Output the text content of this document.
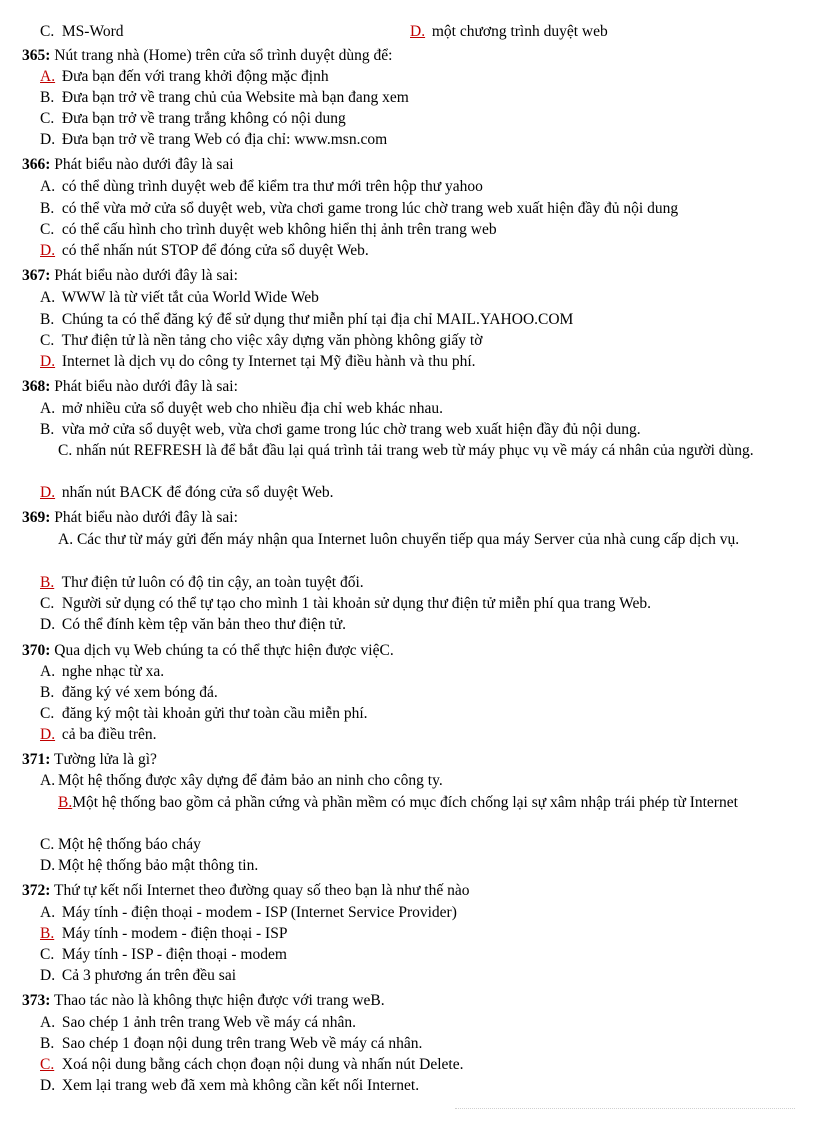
C. MS-Word	D. một chương trình duyệt web
365: Nút trang nhà (Home) trên cửa sổ trình duyệt dùng để:
A. Đưa bạn đến với trang khởi động mặc định
B. Đưa bạn trở về trang chủ của Website mà bạn đang xem
C. Đưa bạn trở về trang trắng không có nội dung
D. Đưa bạn trở về trang Web có địa chỉ: www.msn.com
366: Phát biểu nào dưới đây là sai
A. có thể dùng trình duyệt web để kiểm tra thư mới trên hộp thư yahoo
B. có thể vừa mở cửa sổ duyệt web, vừa chơi game trong lúc chờ trang web xuất hiện đầy đủ nội dung
C. có thể cấu hình cho trình duyệt web không hiển thị ảnh trên trang web
D. có thể nhấn nút STOP để đóng cửa sổ duyệt Web.
367: Phát biểu nào dưới đây là sai:
A. WWW là từ viết tắt của World Wide Web
B. Chúng ta có thể đăng ký để sử dụng thư miễn phí tại địa chỉ MAIL.YAHOO.COM
C. Thư điện tử là nền tảng cho việc xây dựng văn phòng không giấy tờ
D. Internet là dịch vụ do công ty Internet tại Mỹ điều hành và thu phí.
368: Phát biểu nào dưới đây là sai:
A. mở nhiều cửa sổ duyệt web cho nhiều địa chỉ web khác nhau.
B. vừa mở cửa sổ duyệt web, vừa chơi game trong lúc chờ trang web xuất hiện đầy đủ nội dung.
C. nhấn nút REFRESH là để bắt đầu lại quá trình tải trang web từ máy phục vụ về máy cá nhân của người dùng.
D. nhấn nút BACK để đóng cửa sổ duyệt Web.
369: Phát biểu nào dưới đây là sai:
A. Các thư từ máy gửi đến máy nhận qua Internet luôn chuyển tiếp qua máy Server của nhà cung cấp dịch vụ.
B. Thư điện tử luôn có độ tin cậy, an toàn tuyệt đối.
C. Người sử dụng có thể tự tạo cho mình 1 tài khoản sử dụng thư điện tử miễn phí qua trang Web.
D. Có thể đính kèm tệp văn bản theo thư điện tử.
370: Qua dịch vụ Web chúng ta có thể thực hiện được việC.
A. nghe nhạc từ xa.
B. đăng ký vé xem bóng đá.
C. đăng ký một tài khoản gửi thư toàn cầu miễn phí.
D. cả ba điều trên.
371: Tường lửa là gì?
A. Một hệ thống được xây dựng để đảm bảo an ninh cho công ty.
B.Một hệ thống bao gồm cả phần cứng và phần mềm có mục đích chống lại sự xâm nhập trái phép từ Internet
C. Một hệ thống báo cháy
D. Một hệ thống bảo mật thông tin.
372: Thứ tự kết nối Internet theo đường quay số theo bạn là như thế nào
A. Máy tính - điện thoại - modem - ISP (Internet Service Provider)
B. Máy tính - modem - điện thoại - ISP
C. Máy tính - ISP - điện thoại - modem
D. Cả 3 phương án trên đều sai
373: Thao tác nào là không thực hiện được với trang weB.
A. Sao chép 1 ảnh trên trang Web về máy cá nhân.
B. Sao chép 1 đoạn nội dung trên trang Web về máy cá nhân.
C. Xoá nội dung bằng cách chọn đoạn nội dung và nhấn nút Delete.
D. Xem lại trang web đã xem mà không cần kết nối Internet.
